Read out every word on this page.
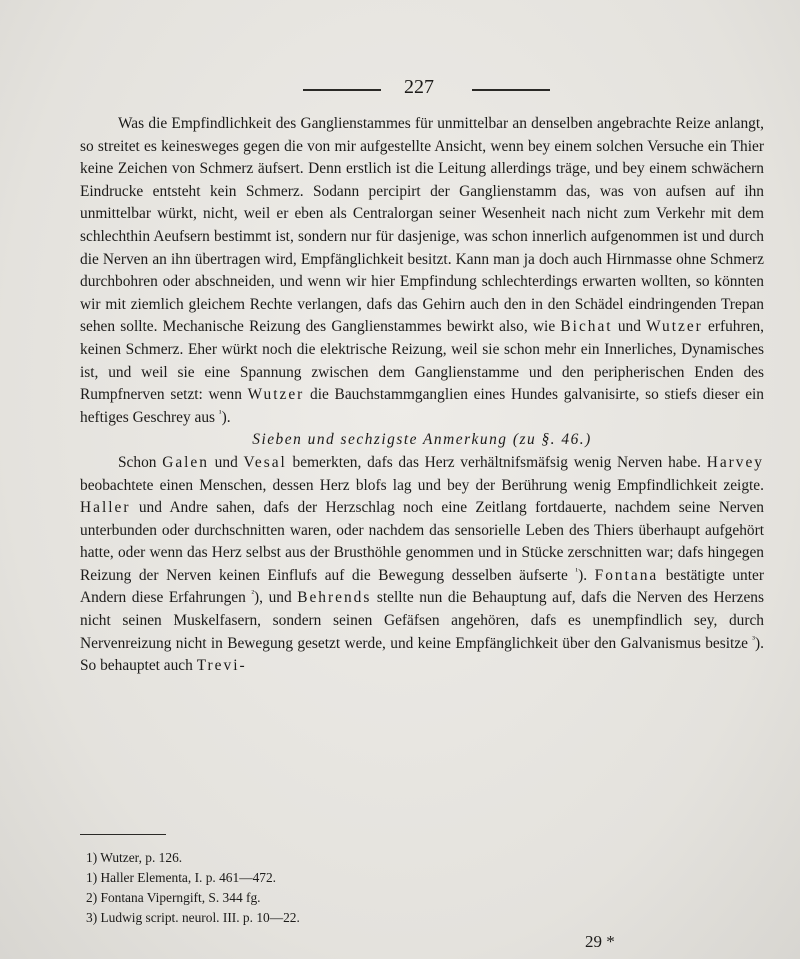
227

Was die Empfindlichkeit des Ganglienstammes für unmittelbar an denselben angebrachte Reize anlangt, so streitet es keinesweges gegen die von mir aufgestellte Ansicht, wenn bey einem solchen Versuche ein Thier keine Zeichen von Schmerz äufsert. Denn erstlich ist die Leitung allerdings träge, und bey einem schwächern Eindrucke entsteht kein Schmerz. Sodann percipirt der Ganglienstamm das, was von aufsen auf ihn unmittelbar würkt, nicht, weil er eben als Centralorgan seiner Wesenheit nach nicht zum Verkehr mit dem schlechthin Aeufsern bestimmt ist, sondern nur für dasjenige, was schon innerlich aufgenommen ist und durch die Nerven an ihn übertragen wird, Empfänglichkeit besitzt. Kann man ja doch auch Hirnmasse ohne Schmerz durchbohren oder abschneiden, und wenn wir hier Empfindung schlechterdings erwarten wollten, so könnten wir mit ziemlich gleichem Rechte verlangen, dafs das Gehirn auch den in den Schädel eindringenden Trepan sehen sollte. Mechanische Reizung des Ganglienstammes bewirkt also, wie Bichat und Wutzer erfuhren, keinen Schmerz. Eher würkt noch die elektrische Reizung, weil sie schon mehr ein Innerliches, Dynamisches ist, und weil sie eine Spannung zwischen dem Ganglienstamme und den peripherischen Enden des Rumpfnerven setzt: wenn Wutzer die Bauchstammganglien eines Hundes galvanisirte, so stiefs dieser ein heftiges Geschrey aus $^{^1}$).

Sieben und sechzigste Anmerkung (zu §. 46.)

Schon Galen und Vesal bemerkten, dafs das Herz verhältnifsmäfsig wenig Nerven habe. Harvey beobachtete einen Menschen, dessen Herz blofs lag und bey der Berührung wenig Empfindlichkeit zeigte. Haller und Andre sahen, dafs der Herzschlag noch eine Zeitlang fortdauerte, nachdem seine Nerven unterbunden oder durchschnitten waren, oder nachdem das sensorielle Leben des Thiers überhaupt aufgehört hatte, oder wenn das Herz selbst aus der Brusthöhle genommen und in Stücke zerschnitten war; dafs hingegen Reizung der Nerven keinen Einflufs auf die Bewegung desselben äufserte $^{^1}$). Fontana bestätigte unter Andern diese Erfahrungen $^{^2}$), und Behrends stellte nun die Behauptung auf, dafs die Nerven des Herzens nicht seinen Muskelfasern, sondern seinen Gefäfsen angehören, dafs es unempfindlich sey, durch Nervenreizung nicht in Bewegung gesetzt werde, und keine Empfänglichkeit über den Galvanismus besitze $^{^3}$). So behauptet auch Trevi-

1) Wutzer, p. 126.
1) Haller Elementa, I. p. 461—472.
2) Fontana Viperngift, S. 344 fg.
3) Ludwig script. neurol. III. p. 10—22.
29 *
